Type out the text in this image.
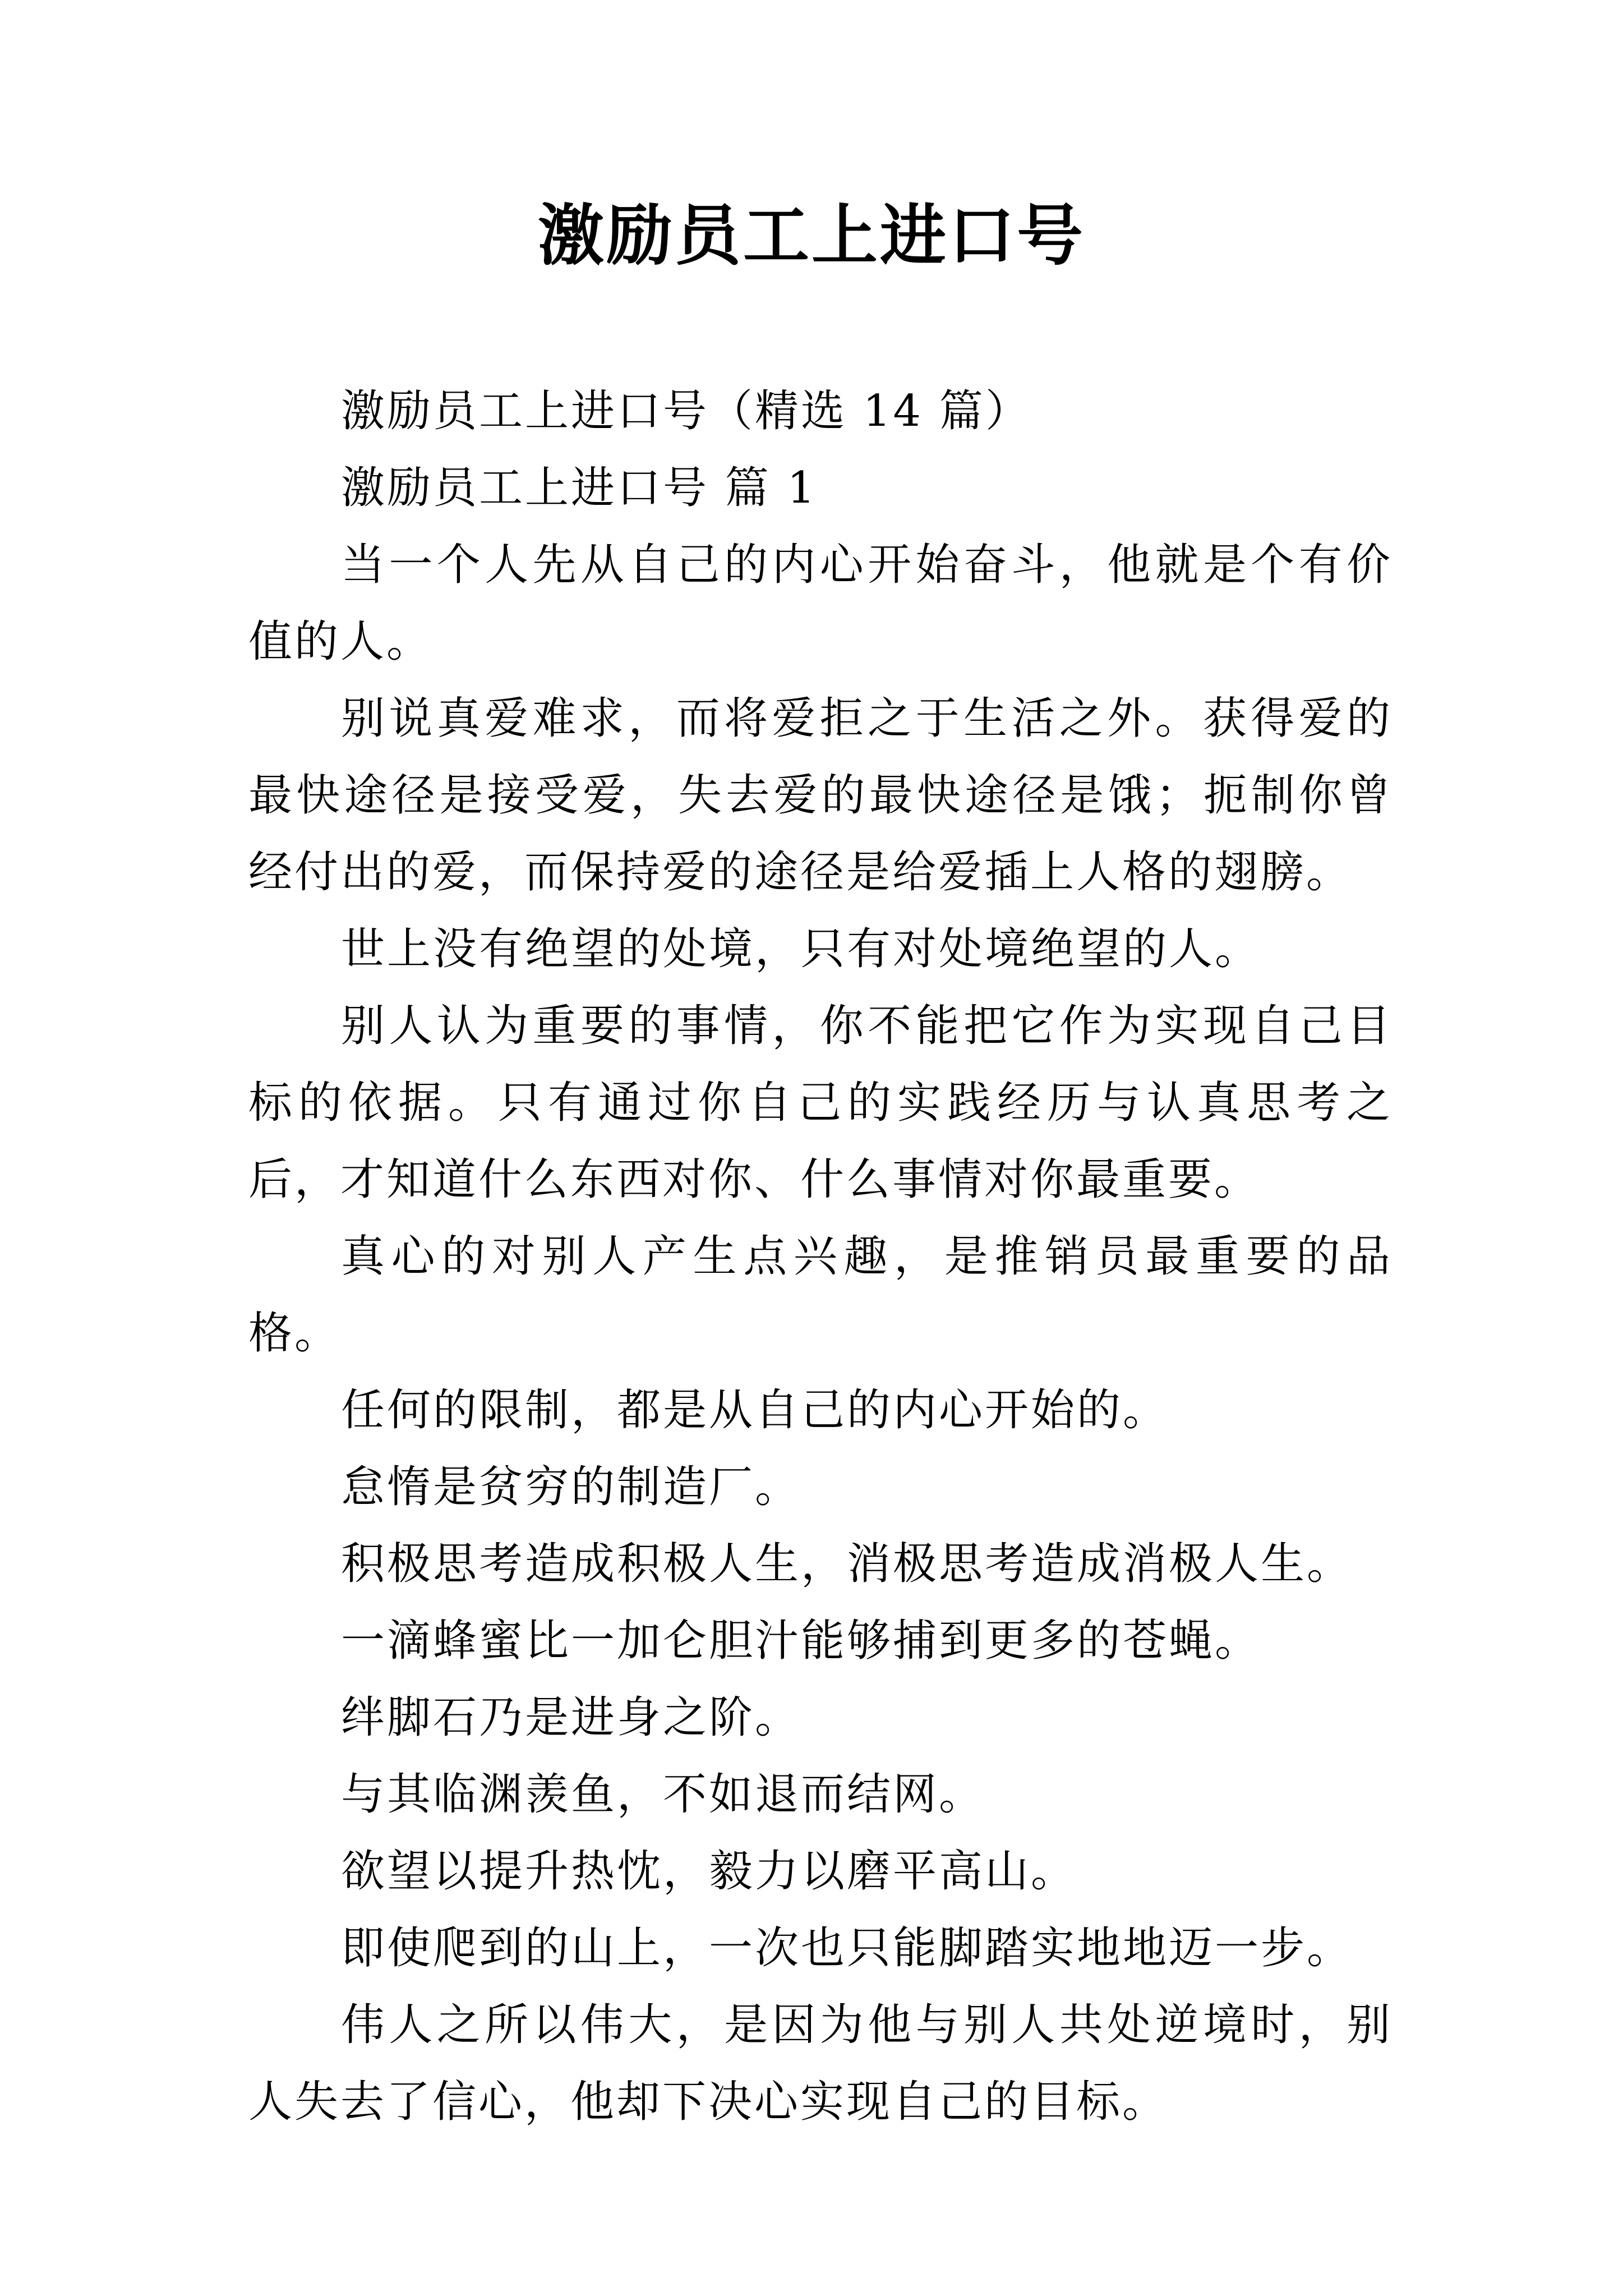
激励员工上进口号

激励员工上进口号（精选 14 篇）

激励员工上进口号 篇 1

当一个人先从自己的内心开始奋斗，他就是个有价值的人。

别说真爱难求，而将爱拒之于生活之外。获得爱的最快途径是接受爱，失去爱的最快途径是饿；扼制你曾经付出的爱，而保持爱的途径是给爱插上人格的翅膀。

世上没有绝望的处境，只有对处境绝望的人。

别人认为重要的事情，你不能把它作为实现自己目标的依据。只有通过你自己的实践经历与认真思考之后，才知道什么东西对你、什么事情对你最重要。

真心的对别人产生点兴趣，是推销员最重要的品格。

任何的限制，都是从自己的内心开始的。

怠惰是贫穷的制造厂。

积极思考造成积极人生，消极思考造成消极人生。

一滴蜂蜜比一加仑胆汁能够捕到更多的苍蝇。

绊脚石乃是进身之阶。

与其临渊羡鱼，不如退而结网。

欲望以提升热忱，毅力以磨平高山。

即使爬到的山上，一次也只能脚踏实地地迈一步。

伟人之所以伟大，是因为他与别人共处逆境时，别人失去了信心，他却下决心实现自己的目标。
